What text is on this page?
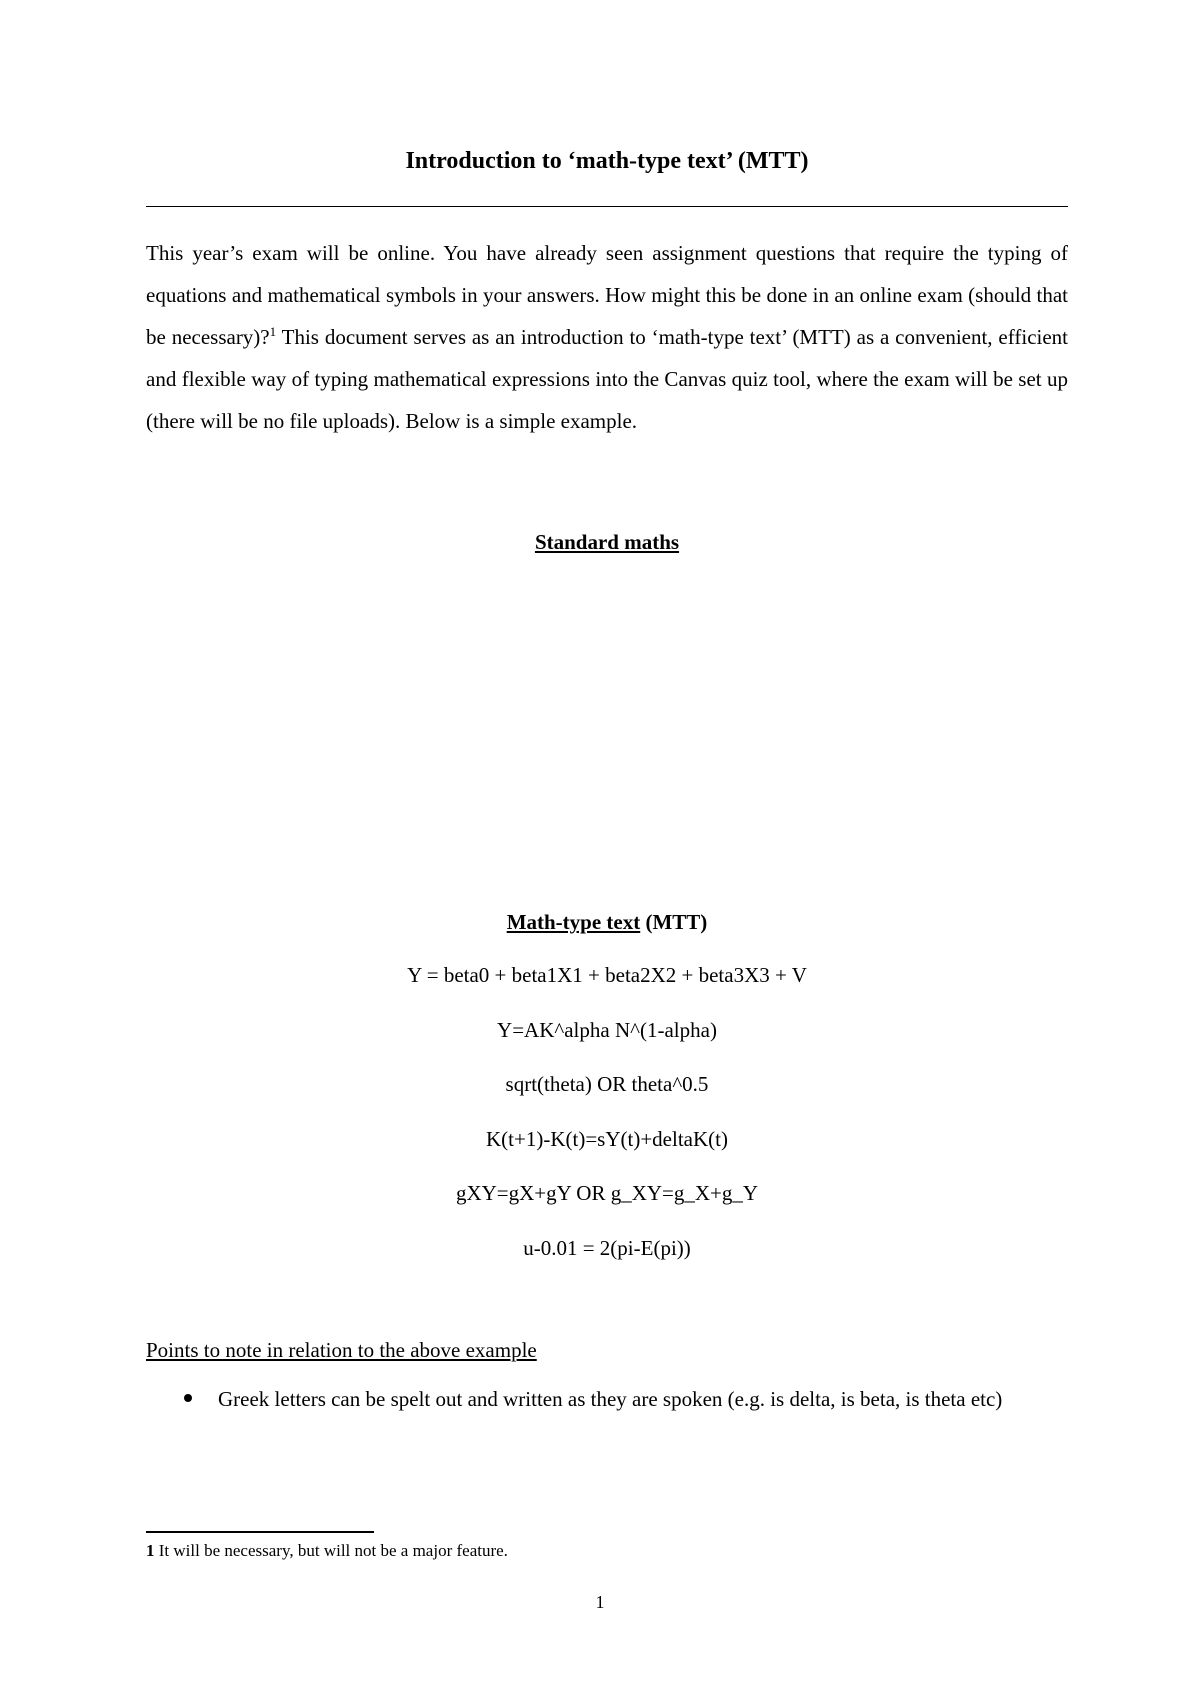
Introduction to ‘math-type text’ (MTT)
This year’s exam will be online. You have already seen assignment questions that require the typing of equations and mathematical symbols in your answers. How might this be done in an online exam (should that be necessary)?$^1$ This document serves as an introduction to ‘math-type text’ (MTT) as a convenient, efficient and flexible way of typing mathematical expressions into the Canvas quiz tool, where the exam will be set up (there will be no file uploads). Below is a simple example.
Standard maths
Math-type text (MTT)
Y = beta0 + beta1X1 + beta2X2 + beta3X3 + V
Y=AK^alpha N^(1-alpha)
sqrt(theta) OR theta^0.5
K(t+1)-K(t)=sY(t)+deltaK(t)
gXY=gX+gY OR g_XY=g_X+g_Y
u-0.01 = 2(pi-E(pi))
Points to note in relation to the above example
Greek letters can be spelt out and written as they are spoken (e.g. is delta, is beta, is theta etc)
1 It will be necessary, but will not be a major feature.
1
